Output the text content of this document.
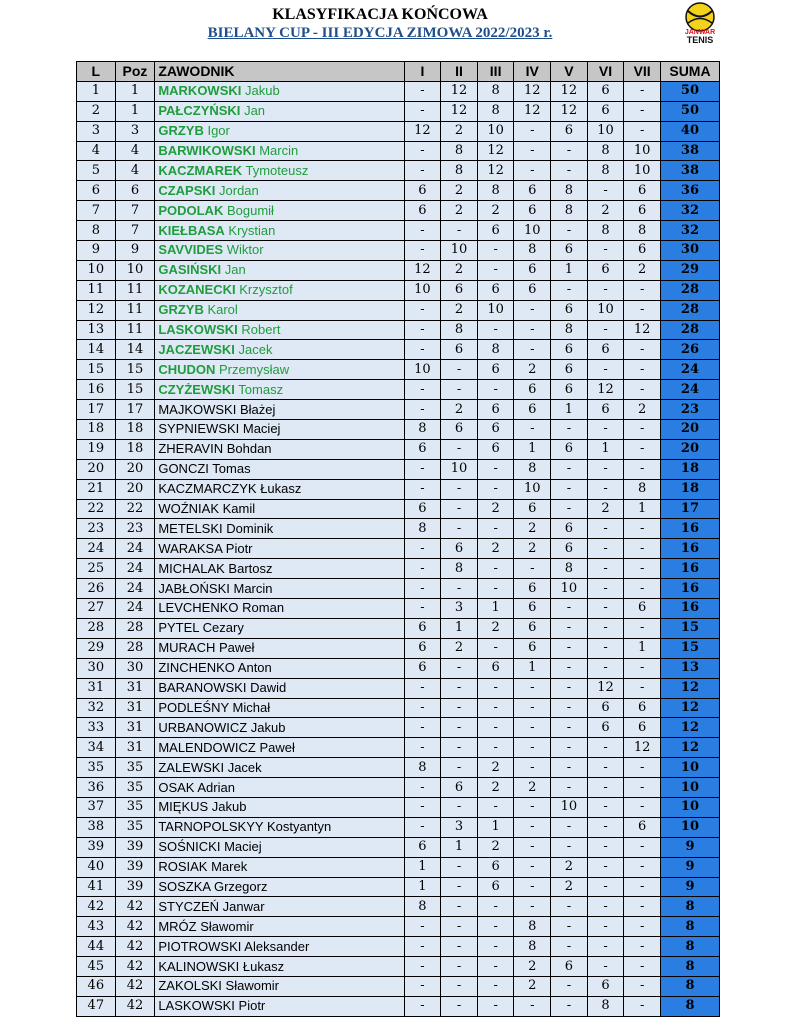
KLASYFIKACJA KOŃCOWA
BIELANY CUP - III EDYCJA ZIMOWA 2022/2023 r.	JANWAR
TENIS
L	Poz	ZAWODNIK	I	II	III	IV	V	VI	VII	SUMA
1	1	MARKOWSKI Jakub	-	12	8	12	12	6	-	50
2	1	PAŁCZYŃSKI Jan	-	12	8	12	12	6	-	50
3	3	GRZYB Igor	12	2	10	-	6	10	-	40
4	4	BARWIKOWSKI Marcin	-	8	12	-	-	8	10	38
5	4	KACZMAREK Tymoteusz	-	8	12	-	-	8	10	38
6	6	CZAPSKI Jordan	6	2	8	6	8	-	6	36
7	7	PODOLAK Bogumił	6	2	2	6	8	2	6	32
8	7	KIEŁBASA Krystian	-	-	6	10	-	8	8	32
9	9	SAVVIDES Wiktor	-	10	-	8	6	-	6	30
10	10	GASIŃSKI Jan	12	2	-	6	1	6	2	29
11	11	KOZANECKI Krzysztof	10	6	6	6	-	-	-	28
12	11	GRZYB Karol	-	2	10	-	6	10	-	28
13	11	LASKOWSKI Robert	-	8	-	-	8	-	12	28
14	14	JACZEWSKI Jacek	-	6	8	-	6	6	-	26
15	15	CHUDON Przemysław	10	-	6	2	6	-	-	24
16	15	CZYŻEWSKI Tomasz	-	-	-	6	6	12	-	24
17	17	MAJKOWSKI Błażej	-	2	6	6	1	6	2	23
18	18	SYPNIEWSKI Maciej	8	6	6	-	-	-	-	20
19	18	ZHERAVIN Bohdan	6	-	6	1	6	1	-	20
20	20	GONCZI Tomas	-	10	-	8	-	-	-	18
21	20	KACZMARCZYK Łukasz	-	-	-	10	-	-	8	18
22	22	WOŹNIAK Kamil	6	-	2	6	-	2	1	17
23	23	METELSKI Dominik	8	-	-	2	6	-	-	16
24	24	WARAKSA Piotr	-	6	2	2	6	-	-	16
25	24	MICHALAK Bartosz	-	8	-	-	8	-	-	16
26	24	JABŁOŃSKI Marcin	-	-	-	6	10	-	-	16
27	24	LEVCHENKO Roman	-	3	1	6	-	-	6	16
28	28	PYTEL Cezary	6	1	2	6	-	-	-	15
29	28	MURACH Paweł	6	2	-	6	-	-	1	15
30	30	ZINCHENKO Anton	6	-	6	1	-	-	-	13
31	31	BARANOWSKI Dawid	-	-	-	-	-	12	-	12
32	31	PODLEŚNY Michał	-	-	-	-	-	6	6	12
33	31	URBANOWICZ Jakub	-	-	-	-	-	6	6	12
34	31	MALENDOWICZ Paweł	-	-	-	-	-	-	12	12
35	35	ZALEWSKI Jacek	8	-	2	-	-	-	-	10
36	35	OSAK Adrian	-	6	2	2	-	-	-	10
37	35	MIĘKUS Jakub	-	-	-	-	10	-	-	10
38	35	TARNOPOLSKYY Kostyantyn	-	3	1	-	-	-	6	10
39	39	SOŚNICKI Maciej	6	1	2	-	-	-	-	9
40	39	ROSIAK Marek	1	-	6	-	2	-	-	9
41	39	SOSZKA Grzegorz	1	-	6	-	2	-	-	9
42	42	STYCZEŃ Janwar	8	-	-	-	-	-	-	8
43	42	MRÓZ Sławomir	-	-	-	8	-	-	-	8
44	42	PIOTROWSKI Aleksander	-	-	-	8	-	-	-	8
45	42	KALINOWSKI Łukasz	-	-	-	2	6	-	-	8
46	42	ZAKOLSKI Sławomir	-	-	-	2	-	6	-	8
47	42	LASKOWSKI Piotr	-	-	-	-	-	8	-	8
